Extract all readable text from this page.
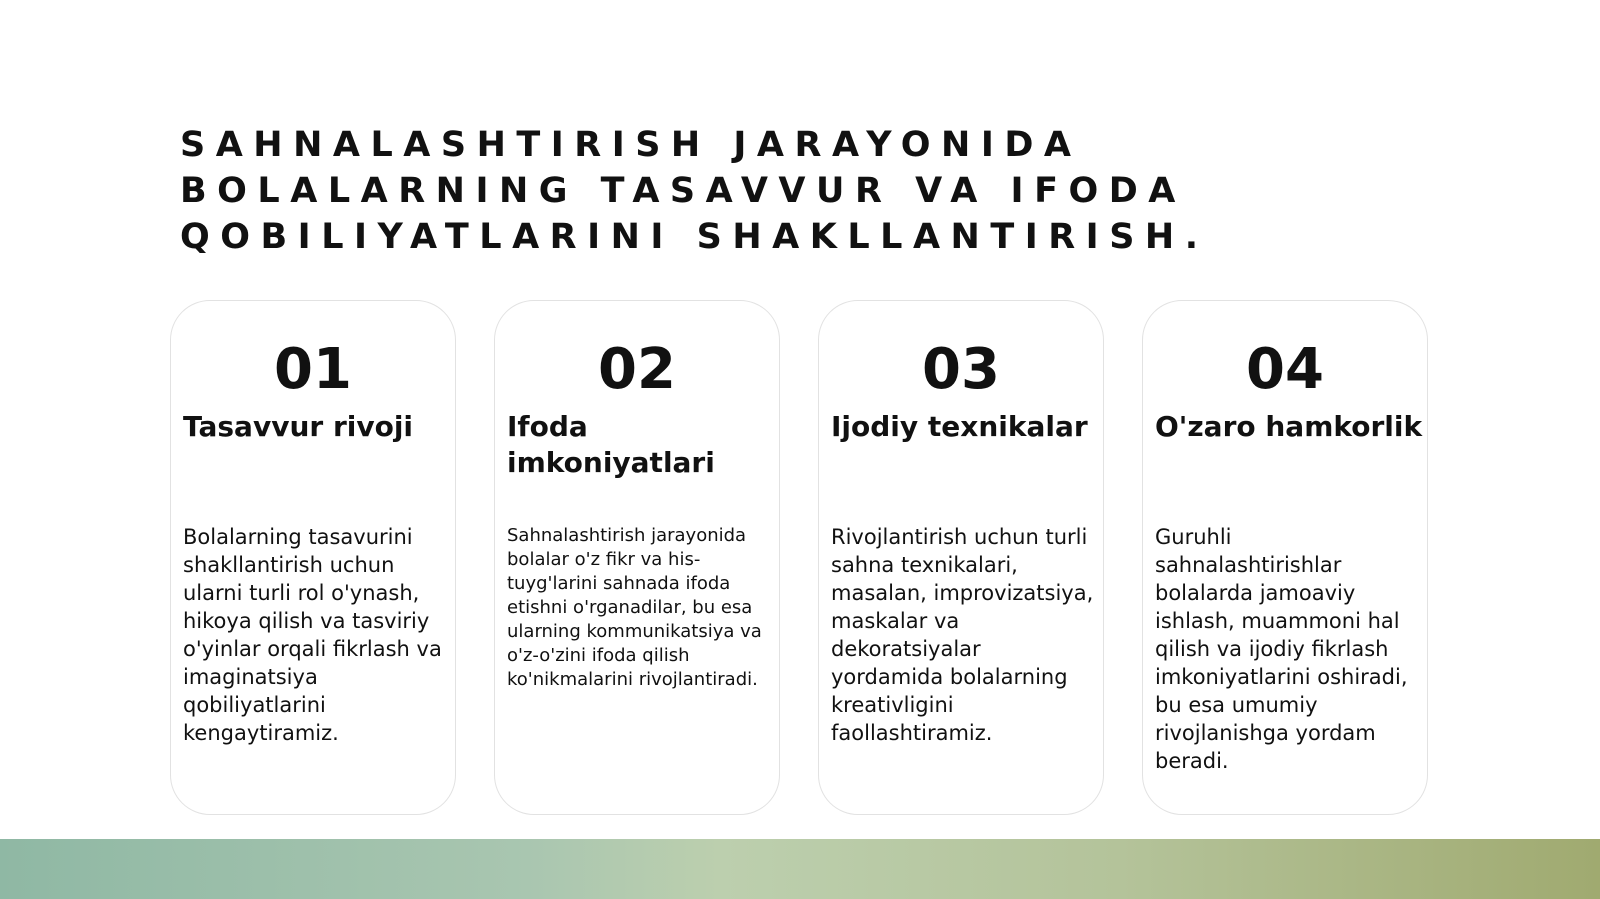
SAHNALASHTIRISH JARAYONIDA BOLALARNING TASAVVUR VA IFODA QOBILIYATLARINI SHAKLLANTIRISH.
01
Tasavvur rivoji
Bolalarning tasavurini shakllantirish uchun ularni turli rol o'ynash, hikoya qilish va tasviriy o'yinlar orqali fikrlash va imaginatsiya qobiliyatlarini kengaytiramiz.
02
Ifoda imkoniyatlari
Sahnalashtirish jarayonida bolalar o'z fikr va his-tuyg'larini sahnada ifoda etishni o'rganadilar, bu esa ularning kommunikatsiya va o'z-o'zini ifoda qilish ko'nikmalarini rivojlantiradi.
03
Ijodiy texnikalar
Rivojlantirish uchun turli sahna texnikalari, masalan, improvizatsiya, maskalar va dekoratsiyalar yordamida bolalarning kreativligini faollashtiramiz.
04
O'zaro hamkorlik
Guruhli sahnalashtirishlar bolalarda jamoaviy ishlash, muammoni hal qilish va ijodiy fikrlash imkoniyatlarini oshiradi, bu esa umumiy rivojlanishga yordam beradi.
